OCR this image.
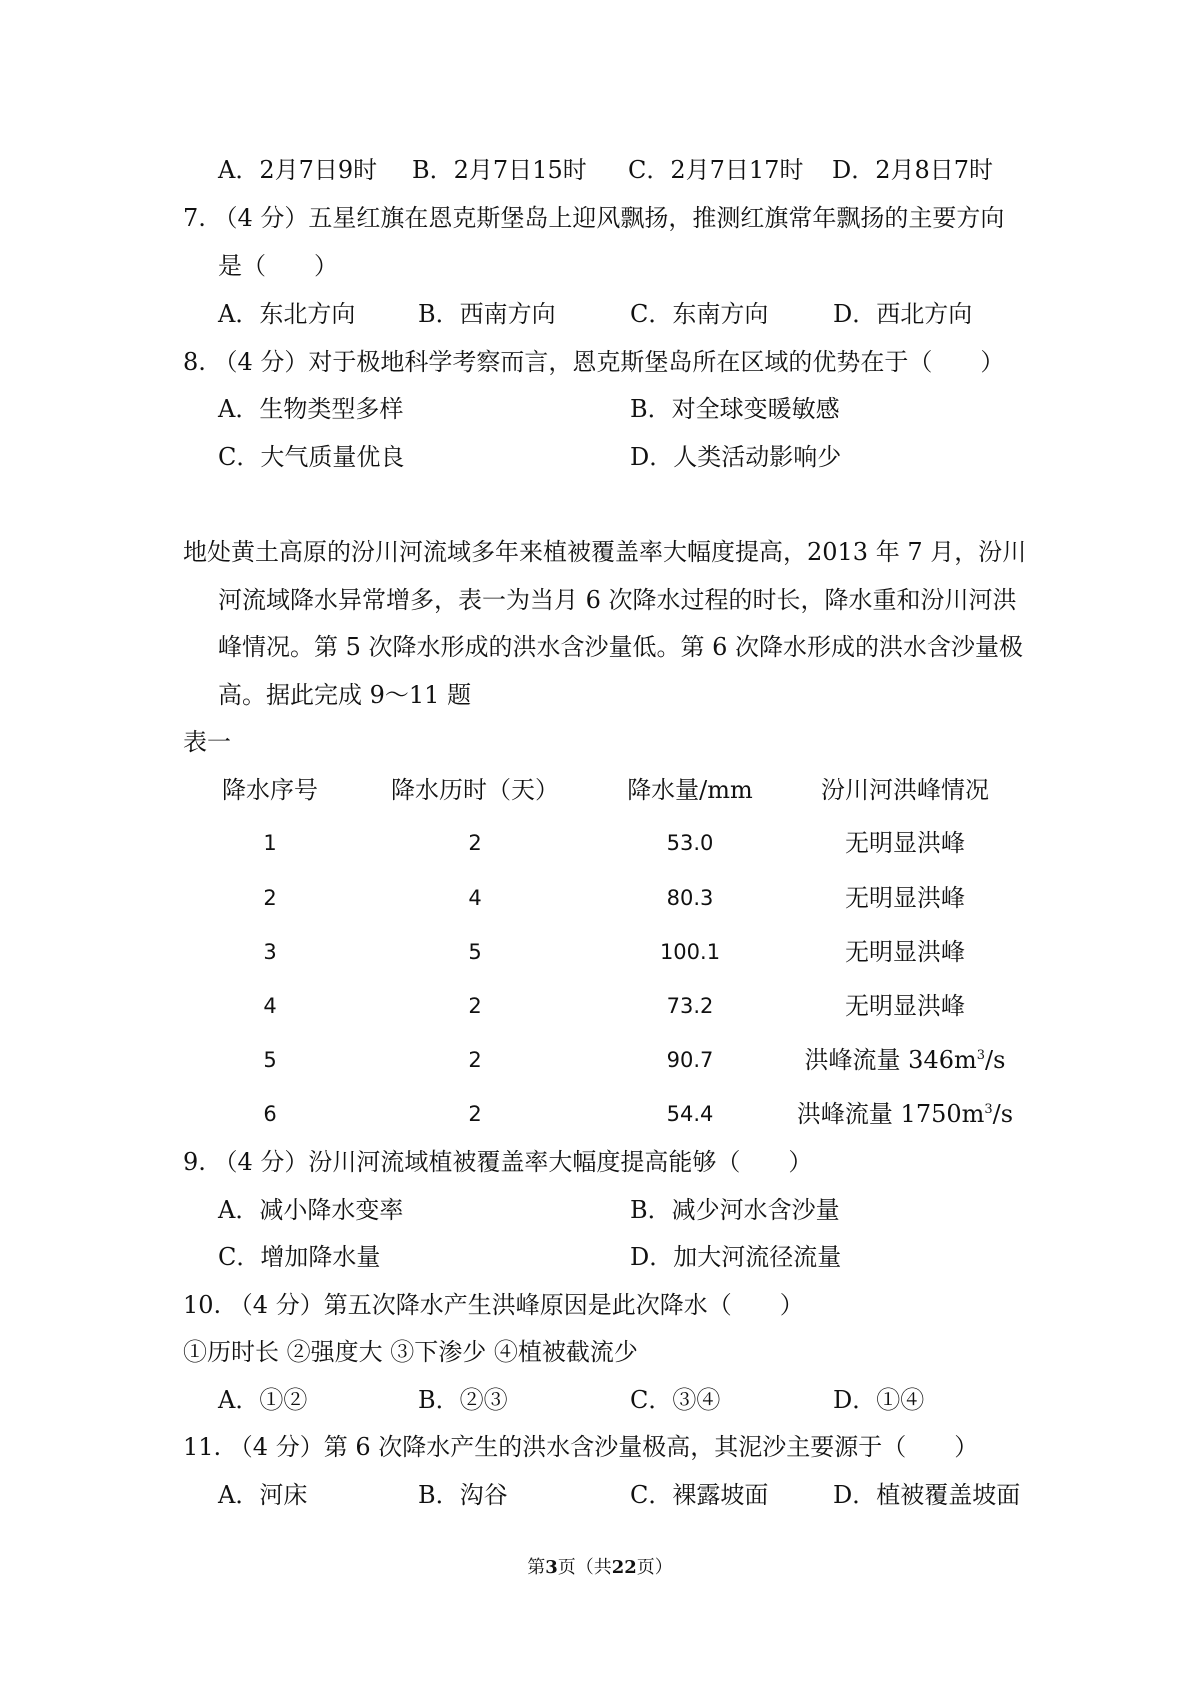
A．2月7日9时 B．2月7日15时 C．2月7日17时 D．2月8日7时
7. （4 分）五星红旗在恩克斯堡岛上迎风飘扬，推测红旗常年飘扬的主要方向
是（　　）
A．东北方向	B．西南方向	C．东南方向	D．西北方向
8. （4 分）对于极地科学考察而言，恩克斯堡岛所在区域的优势在于（　　）
A．生物类型多样	B．对全球变暖敏感
C．大气质量优良	D．人类活动影响少
地处黄土高原的汾川河流域多年来植被覆盖率大幅度提高，2013 年 7 月，汾川
河流域降水异常增多，表一为当月 6 次降水过程的时长，降水重和汾川河洪
峰情况。第 5 次降水形成的洪水含沙量低。第 6 次降水形成的洪水含沙量极
高。据此完成 9～11 题
表一
降水序号	降水历时（天）	降水量/mm	汾川河洪峰情况
1	2	53.0	无明显洪峰
2	4	80.3	无明显洪峰
3	5	100.1	无明显洪峰
4	2	73.2	无明显洪峰
5	2	90.7	洪峰流量 $346m^3/s$
6	2	54.4	洪峰流量 $1750m^3/s$
9. （4 分）汾川河流域植被覆盖率大幅度提高能够（　　）
A．减小降水变率	B．减少河水含沙量
C．增加降水量	D．加大河流径流量
10. （4 分）第五次降水产生洪峰原因是此次降水（　　）
①历时长 ②强度大 ③下渗少 ④植被截流少
A．①②	B．②③	C．③④	D．①④
11. （4 分）第 6 次降水产生的洪水含沙量极高，其泥沙主要源于（　　）
A．河床	B．沟谷	C．裸露坡面	D．植被覆盖坡面
第3页（共22页）
